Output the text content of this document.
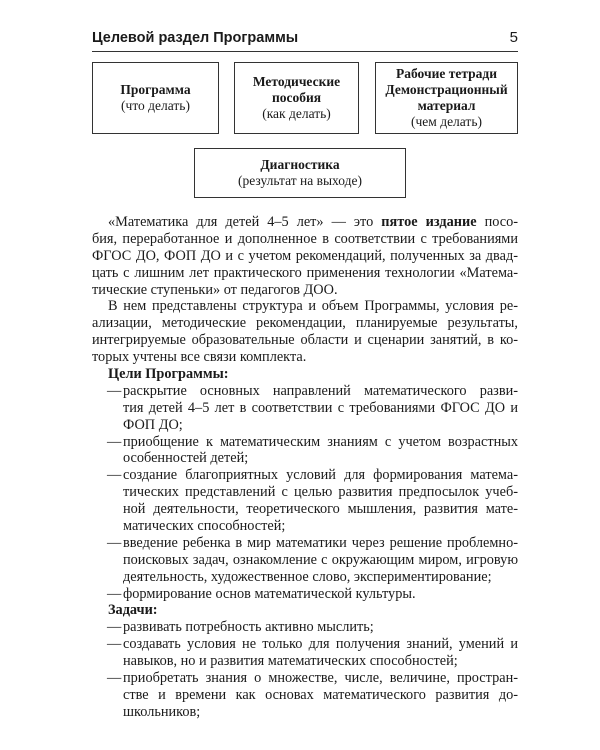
Целевой раздел Программы	5
Программа
(что делать)
Методические
пособия
(как делать)
Рабочие тетради
Демонстрационный
материал
(чем делать)
Диагностика
(результат на выходе)
«Математика для детей 4–5 лет» — это пятое издание посо-
бия, переработанное и дополненное в соответствии с требованиями
ФГОС ДО, ФОП ДО и с учетом рекомендаций, полученных за двад-
цать с лишним лет практического применения технологии «Матема-
тические ступеньки» от педагогов ДОО.
В нем представлены структура и объем Программы, условия ре-
ализации, методические рекомендации, планируемые результаты,
интегрируемые образовательные области и сценарии занятий, в ко-
торых учтены все связи комплекта.
Цели Программы:
— раскрытие основных направлений математического разви-
тия детей 4–5 лет в соответствии с требованиями ФГОС ДО и
ФОП ДО;
— приобщение к математическим знаниям с учетом возрастных
особенностей детей;
— создание благоприятных условий для формирования матема-
тических представлений с целью развития предпосылок учеб-
ной деятельности, теоретического мышления, развития мате-
матических способностей;
— введение ребенка в мир математики через решение проблемно-
поисковых задач, ознакомление с окружающим миром, игровую
деятельность, художественное слово, экспериментирование;
— формирование основ математической культуры.
Задачи:
— развивать потребность активно мыслить;
— создавать условия не только для получения знаний, умений и
навыков, но и развития математических способностей;
— приобретать знания о множестве, числе, величине, простран-
стве и времени как основах математического развития до-
школьников;
